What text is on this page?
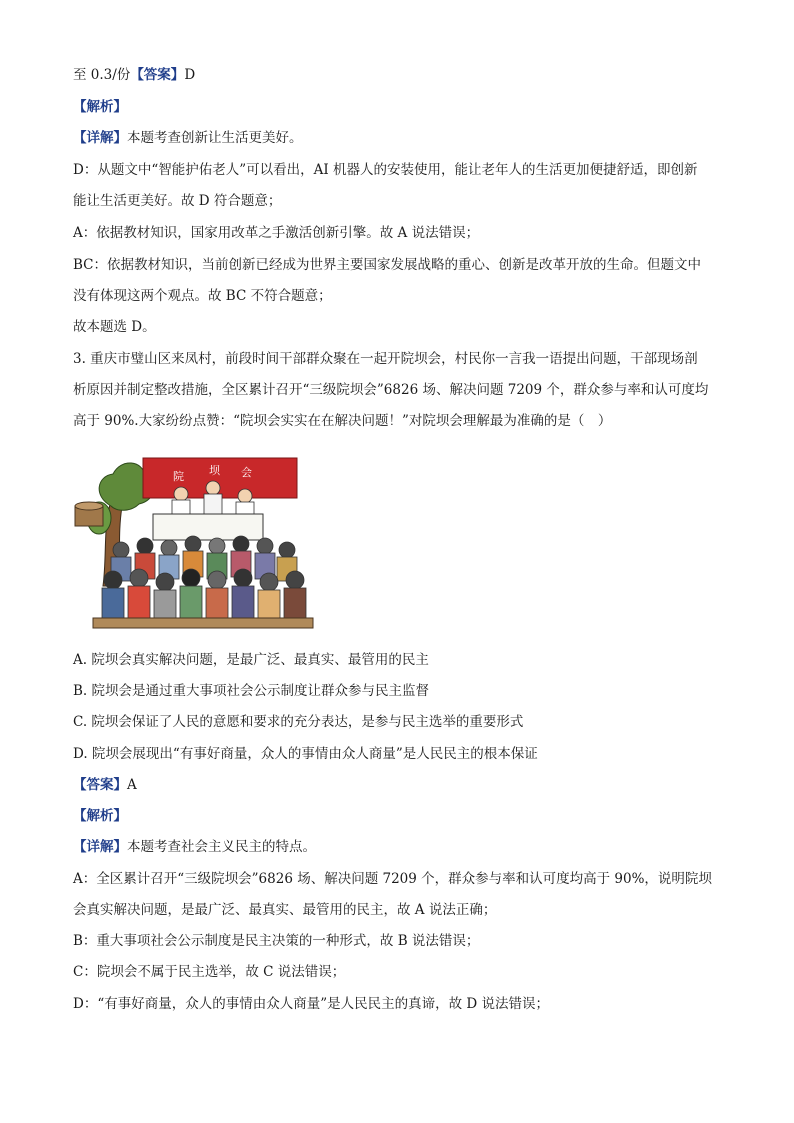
至 0.3/份【答案】D
【解析】
【详解】本题考查创新让生活更美好。
D：从题文中“智能护佑老人”可以看出，AI 机器人的安装使用，能让老年人的生活更加便捷舒适，即创新
能让生活更美好。故 D 符合题意；
A：依据教材知识，国家用改革之手激活创新引擎。故 A 说法错误；
BC：依据教材知识，当前创新已经成为世界主要国家发展战略的重心、创新是改革开放的生命。但题文中
没有体现这两个观点。故 BC 不符合题意；
故本题选 D。
3. 重庆市璧山区来凤村，前段时间干部群众聚在一起开院坝会，村民你一言我一语提出问题，干部现场剖
析原因并制定整改措施，全区累计召开“三级院坝会”6826 场、解决问题 7209 个，群众参与率和认可度均
高于 90%.大家纷纷点赞：“院坝会实实在在解决问题！”对院坝会理解最为准确的是（　）
A. 院坝会真实解决问题，是最广泛、最真实、最管用的民主
B. 院坝会是通过重大事项社会公示制度让群众参与民主监督
C. 院坝会保证了人民的意愿和要求的充分表达，是参与民主选举的重要形式
D. 院坝会展现出“有事好商量，众人的事情由众人商量”是人民民主的根本保证
【答案】A
【解析】
【详解】本题考查社会主义民主的特点。
A：全区累计召开“三级院坝会”6826 场、解决问题 7209 个，群众参与率和认可度均高于 90%，说明院坝
会真实解决问题，是最广泛、最真实、最管用的民主，故 A 说法正确；
B：重大事项社会公示制度是民主决策的一种形式，故 B 说法错误；
C：院坝会不属于民主选举，故 C 说法错误；
D：“有事好商量，众人的事情由众人商量”是人民民主的真谛，故 D 说法错误；
院 坝 会
